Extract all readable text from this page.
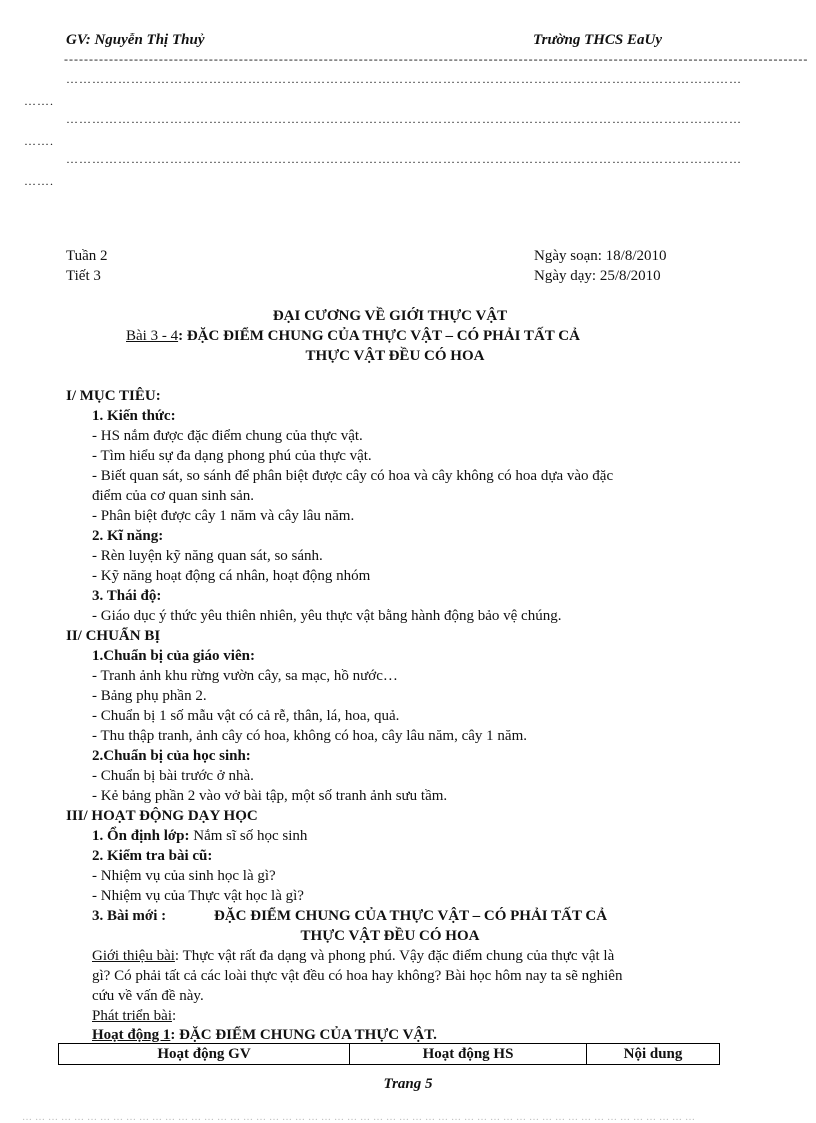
GV: Nguyễn Thị Thuỷ	Trường THCS EaUy
-----------------------------------------------------------------------------------------------------------------------------------------------------
…………………………………………………………………………………………………………………………………………
…….
…………………………………………………………………………………………………………………………………………
…….
…………………………………………………………………………………………………………………………………………
…….
Tuần 2
Tiết 3
Ngày soạn: 18/8/2010
Ngày dạy: 25/8/2010
ĐẠI CƯƠNG VỀ GIỚI THỰC VẬT
Bài 3 - 4: ĐẶC ĐIỂM CHUNG CỦA THỰC VẬT – CÓ PHẢI TẤT CẢ
THỰC VẬT ĐỀU CÓ HOA
I/ MỤC TIÊU:
1. Kiến thức:
- HS nắm được đặc điểm chung của thực vật.
- Tìm hiểu sự đa dạng phong phú của thực vật.
- Biết quan sát, so sánh để phân biệt được cây có hoa và cây không có hoa dựa vào đặc
điểm của cơ quan sinh sản.
- Phân biệt được cây 1 năm và cây lâu năm.
2. Kĩ năng:
- Rèn luyện kỹ năng quan sát, so sánh.
- Kỹ năng hoạt động cá nhân, hoạt động nhóm
3. Thái độ:
- Giáo dục ý thức yêu thiên nhiên, yêu thực vật bằng hành động bảo vệ chúng.
II/ CHUẨN BỊ
1.Chuẩn bị của giáo viên:
- Tranh ảnh khu rừng vườn cây, sa mạc, hồ nước…
- Bảng phụ phần 2.
- Chuẩn bị 1 số mẫu vật có cả rễ, thân, lá, hoa, quả.
- Thu thập tranh, ảnh cây có hoa, không có hoa, cây lâu năm, cây 1 năm.
2.Chuẩn bị của học sinh:
- Chuẩn bị bài trước ở nhà.
- Kẻ bảng phần 2 vào vở bài tập, một số tranh ảnh sưu tầm.
III/ HOẠT ĐỘNG DẠY HỌC
1. Ổn định lớp: Nắm sĩ số học sinh
2. Kiểm tra bài cũ:
- Nhiệm vụ của sinh học là gì?
- Nhiệm vụ của Thực vật học là gì?
3. Bài mới :	ĐẶC ĐIỂM CHUNG CỦA THỰC VẬT – CÓ PHẢI TẤT CẢ
THỰC VẬT ĐỀU CÓ HOA
Giới thiệu bài: Thực vật rất đa dạng và phong phú. Vậy đặc điểm chung của thực vật là
gì? Có phải tất cả các loài thực vật đều có hoa hay không? Bài học hôm nay ta sẽ nghiên
cứu về vấn đề này.
Phát triển bài:
Hoạt động 1: ĐẶC ĐIỂM CHUNG CỦA THỰC VẬT.
Hoạt động GV	Hoạt động HS	Nội dung
Trang 5
…………………………………………………………………………………………………………………………………………
